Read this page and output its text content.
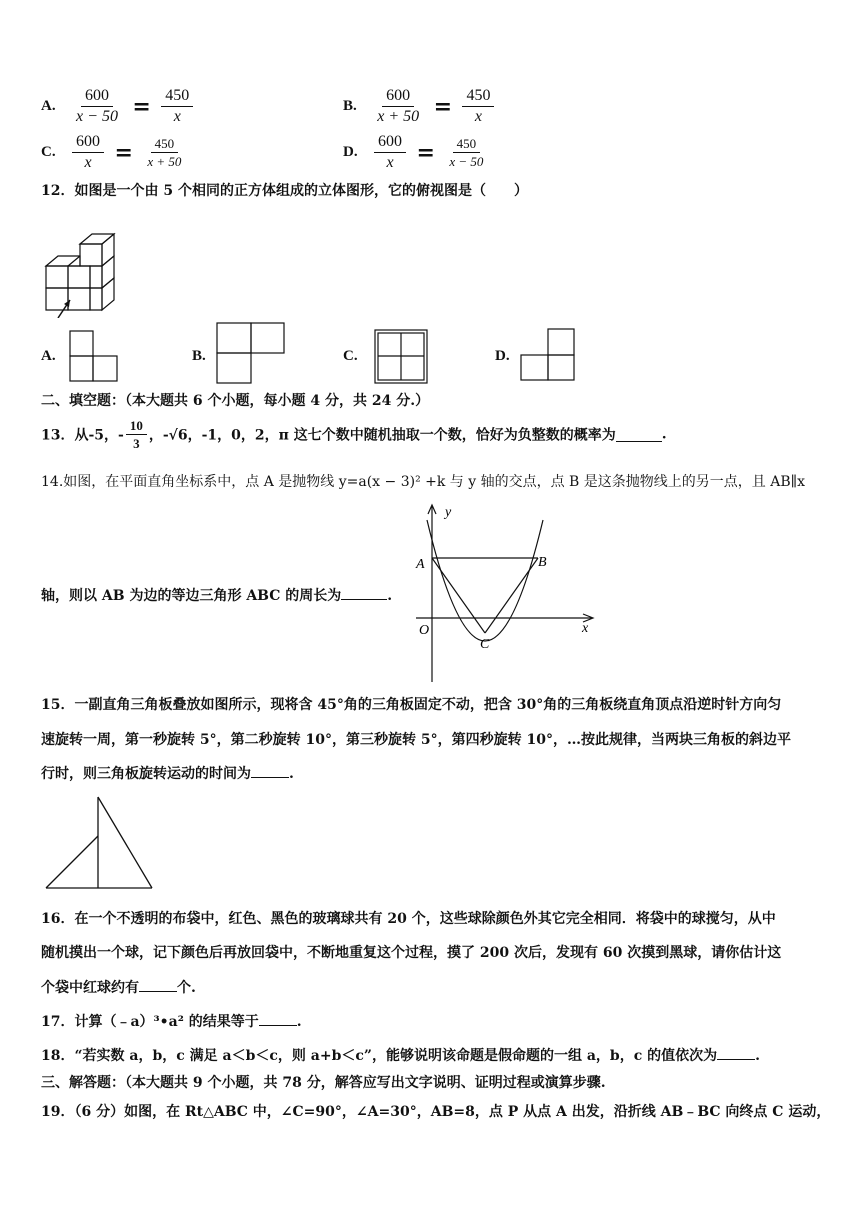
A. $\frac{600}{x - 50} = \frac{450}{x}$	B. $\frac{600}{x + 50} = \frac{450}{x}$
C. $\frac{600}{x} = \frac{450}{x + 50}$	D. $\frac{600}{x} = \frac{450}{x - 50}$
12．如图是一个由 5 个相同的正方体组成的立体图形，它的俯视图是（　　）
A.	B.	C.	D.
二、填空题：（本大题共 6 个小题，每小题 4 分，共 24 分.）
13．从-5，- $\frac{10}{3}$ ，-√6，-1，0，2，π 这七个数中随机抽取一个数，恰好为负整数的概率为	.
14.如图，在平面直角坐标系中，点 A 是抛物线 y=a(x − 3)² +k 与 y 轴的交点，点 B 是这条抛物线上的另一点，且 AB∥x
轴，则以 AB 为边的等边三角形 ABC 的周长为	.
y
A	B
O
C
x
15．一副直角三角板叠放如图所示，现将含 45°角的三角板固定不动，把含 30°角的三角板绕直角顶点沿逆时针方向匀
速旋转一周，第一秒旋转 5°，第二秒旋转 10°，第三秒旋转 5°，第四秒旋转 10°，…按此规律，当两块三角板的斜边平
行时，则三角板旋转运动的时间为	.
16．在一个不透明的布袋中，红色、黑色的玻璃球共有 20 个，这些球除颜色外其它完全相同．将袋中的球搅匀，从中
随机摸出一个球，记下颜色后再放回袋中，不断地重复这个过程，摸了 200 次后，发现有 60 次摸到黑球，请你估计这
个袋中红球约有	个.
17．计算（﹣a）³•a² 的结果等于	.
18．“若实数 a，b，c 满足 a＜b＜c，则 a+b＜c”，能够说明该命题是假命题的一组 a，b，c 的值依次为	.
三、解答题：（本大题共 9 个小题，共 78 分，解答应写出文字说明、证明过程或演算步骤.
19．（6 分）如图，在 Rt△ABC 中，∠C=90°，∠A=30°，AB=8，点 P 从点 A 出发，沿折线 AB﹣BC 向终点 C 运动，
